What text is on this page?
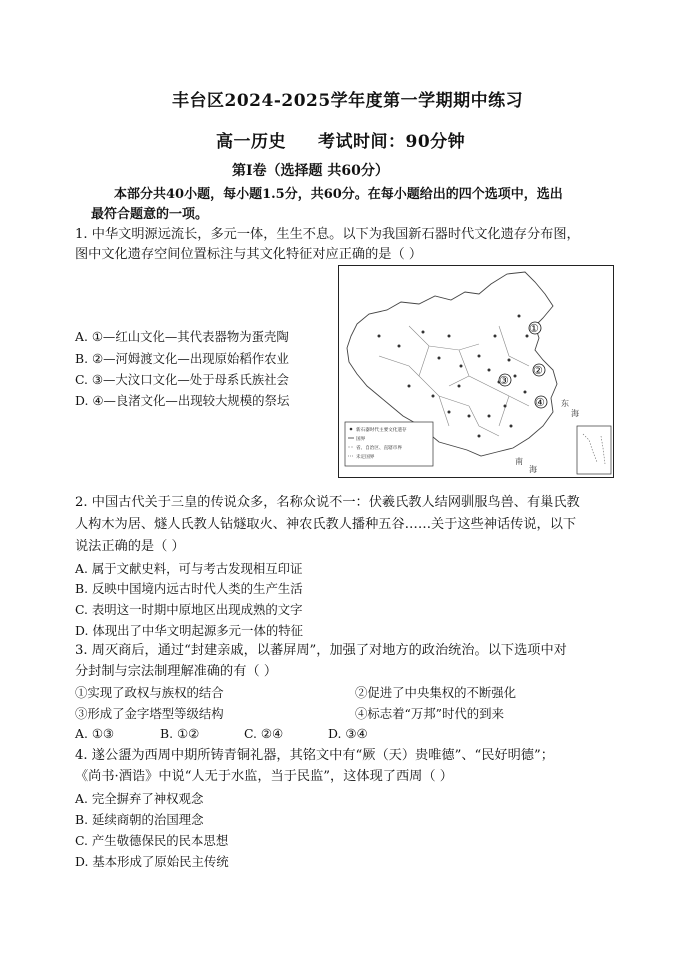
丰台区2024-2025学年度第一学期期中练习
高一历史 考试时间：90分钟
第Ⅰ卷（选择题 共60分）
本部分共40小题，每小题1.5分，共60分。在每小题给出的四个选项中，选出
最符合题意的一项。
1. 中华文明源远流长，多元一体，生生不息。以下为我国新石器时代文化遗存分布图，
图中文化遗存空间位置标注与其文化特征对应正确的是（ ）
A. ①—红山文化—其代表器物为蛋壳陶
B. ②—河姆渡文化—出现原始稻作农业
C. ③—大汶口文化—处于母系氏族社会
D. ④—良渚文化—出现较大规模的祭坛
①
②
③
④ 东
海
南
海
新石器时代主要文化遗存
国界
省、自治区、直辖市界
未定国界
2. 中国古代关于三皇的传说众多，名称众说不一：伏羲氏教人结网驯服鸟兽、有巢氏教
人构木为居、燧人氏教人钻燧取火、神农氏教人播种五谷……关于这些神话传说，以下
说法正确的是（ ）
A. 属于文献史料，可与考古发现相互印证
B. 反映中国境内远古时代人类的生产生活
C. 表明这一时期中原地区出现成熟的文字
D. 体现出了中华文明起源多元一体的特征
3. 周灭商后，通过“封建亲戚，以蕃屏周”，加强了对地方的政治统治。以下选项中对
分封制与宗法制理解准确的有（ ）
①实现了政权与族权的结合	②促进了中央集权的不断强化
③形成了金字塔型等级结构	④标志着“万邦”时代的到来
A. ①③	B. ①②	C. ②④	D. ③④
4. 遂公盨为西周中期所铸青铜礼器，其铭文中有“厥（天）贵唯德”、“民好明德”；
《尚书·酒诰》中说“人无于水监，当于民监”，这体现了西周（ ）
A. 完全摒弃了神权观念
B. 延续商朝的治国理念
C. 产生敬德保民的民本思想
D. 基本形成了原始民主传统
